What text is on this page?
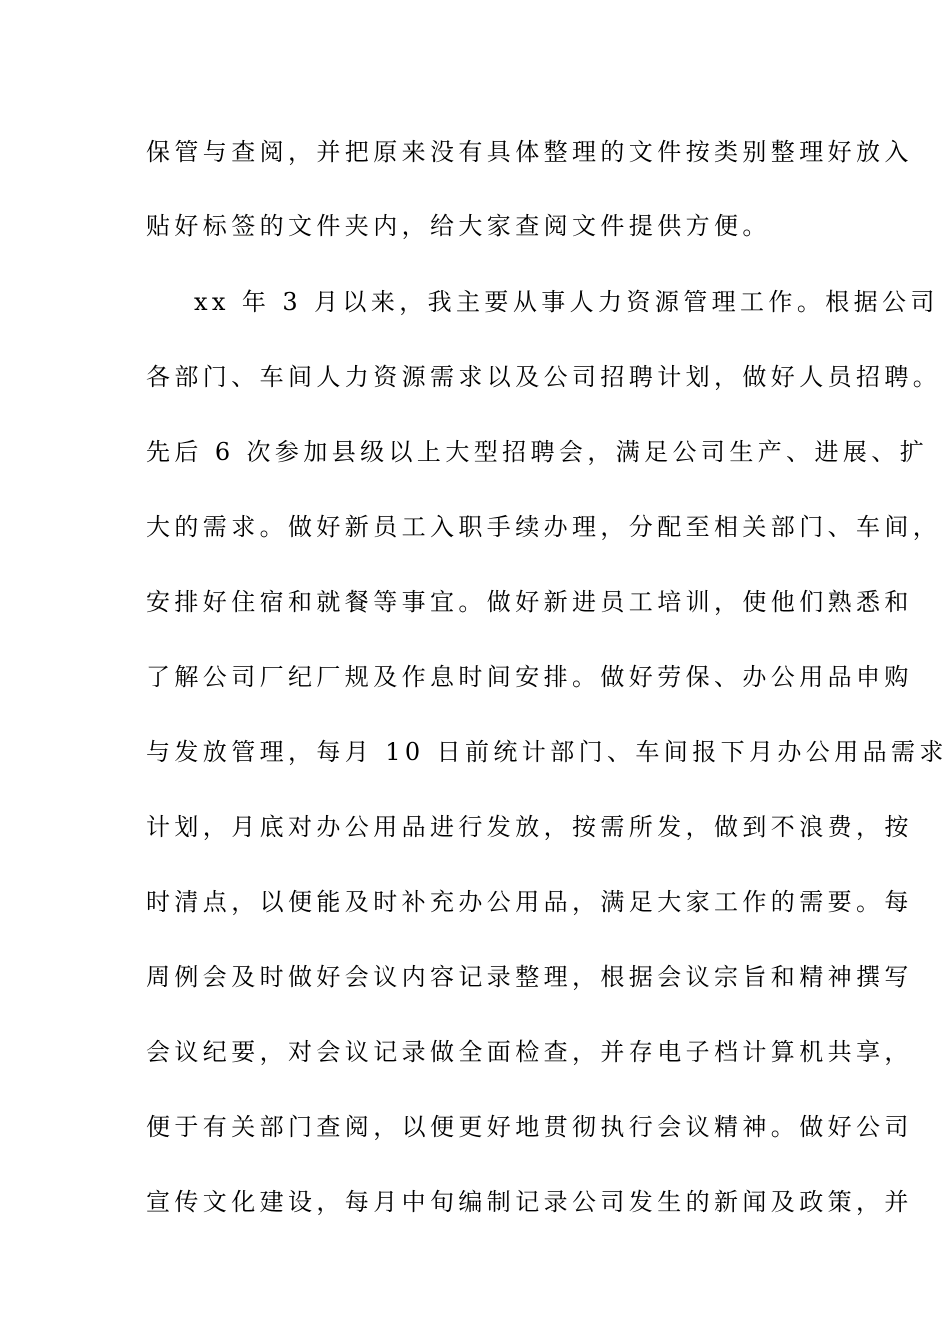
保管与查阅，并把原来没有具体整理的文件按类别整理好放入
贴好标签的文件夹内，给大家查阅文件提供方便。
xx 年 3 月以来，我主要从事人力资源管理工作。根据公司
各部门、车间人力资源需求以及公司招聘计划，做好人员招聘。
先后 6 次参加县级以上大型招聘会，满足公司生产、进展、扩
大的需求。做好新员工入职手续办理，分配至相关部门、车间，
安排好住宿和就餐等事宜。做好新进员工培训，使他们熟悉和
了解公司厂纪厂规及作息时间安排。做好劳保、办公用品申购
与发放管理，每月 10 日前统计部门、车间报下月办公用品需求
计划，月底对办公用品进行发放，按需所发，做到不浪费，按
时清点，以便能及时补充办公用品，满足大家工作的需要。每
周例会及时做好会议内容记录整理，根据会议宗旨和精神撰写
会议纪要，对会议记录做全面检查，并存电子档计算机共享，
便于有关部门查阅，以便更好地贯彻执行会议精神。做好公司
宣传文化建设，每月中旬编制记录公司发生的新闻及政策，并
